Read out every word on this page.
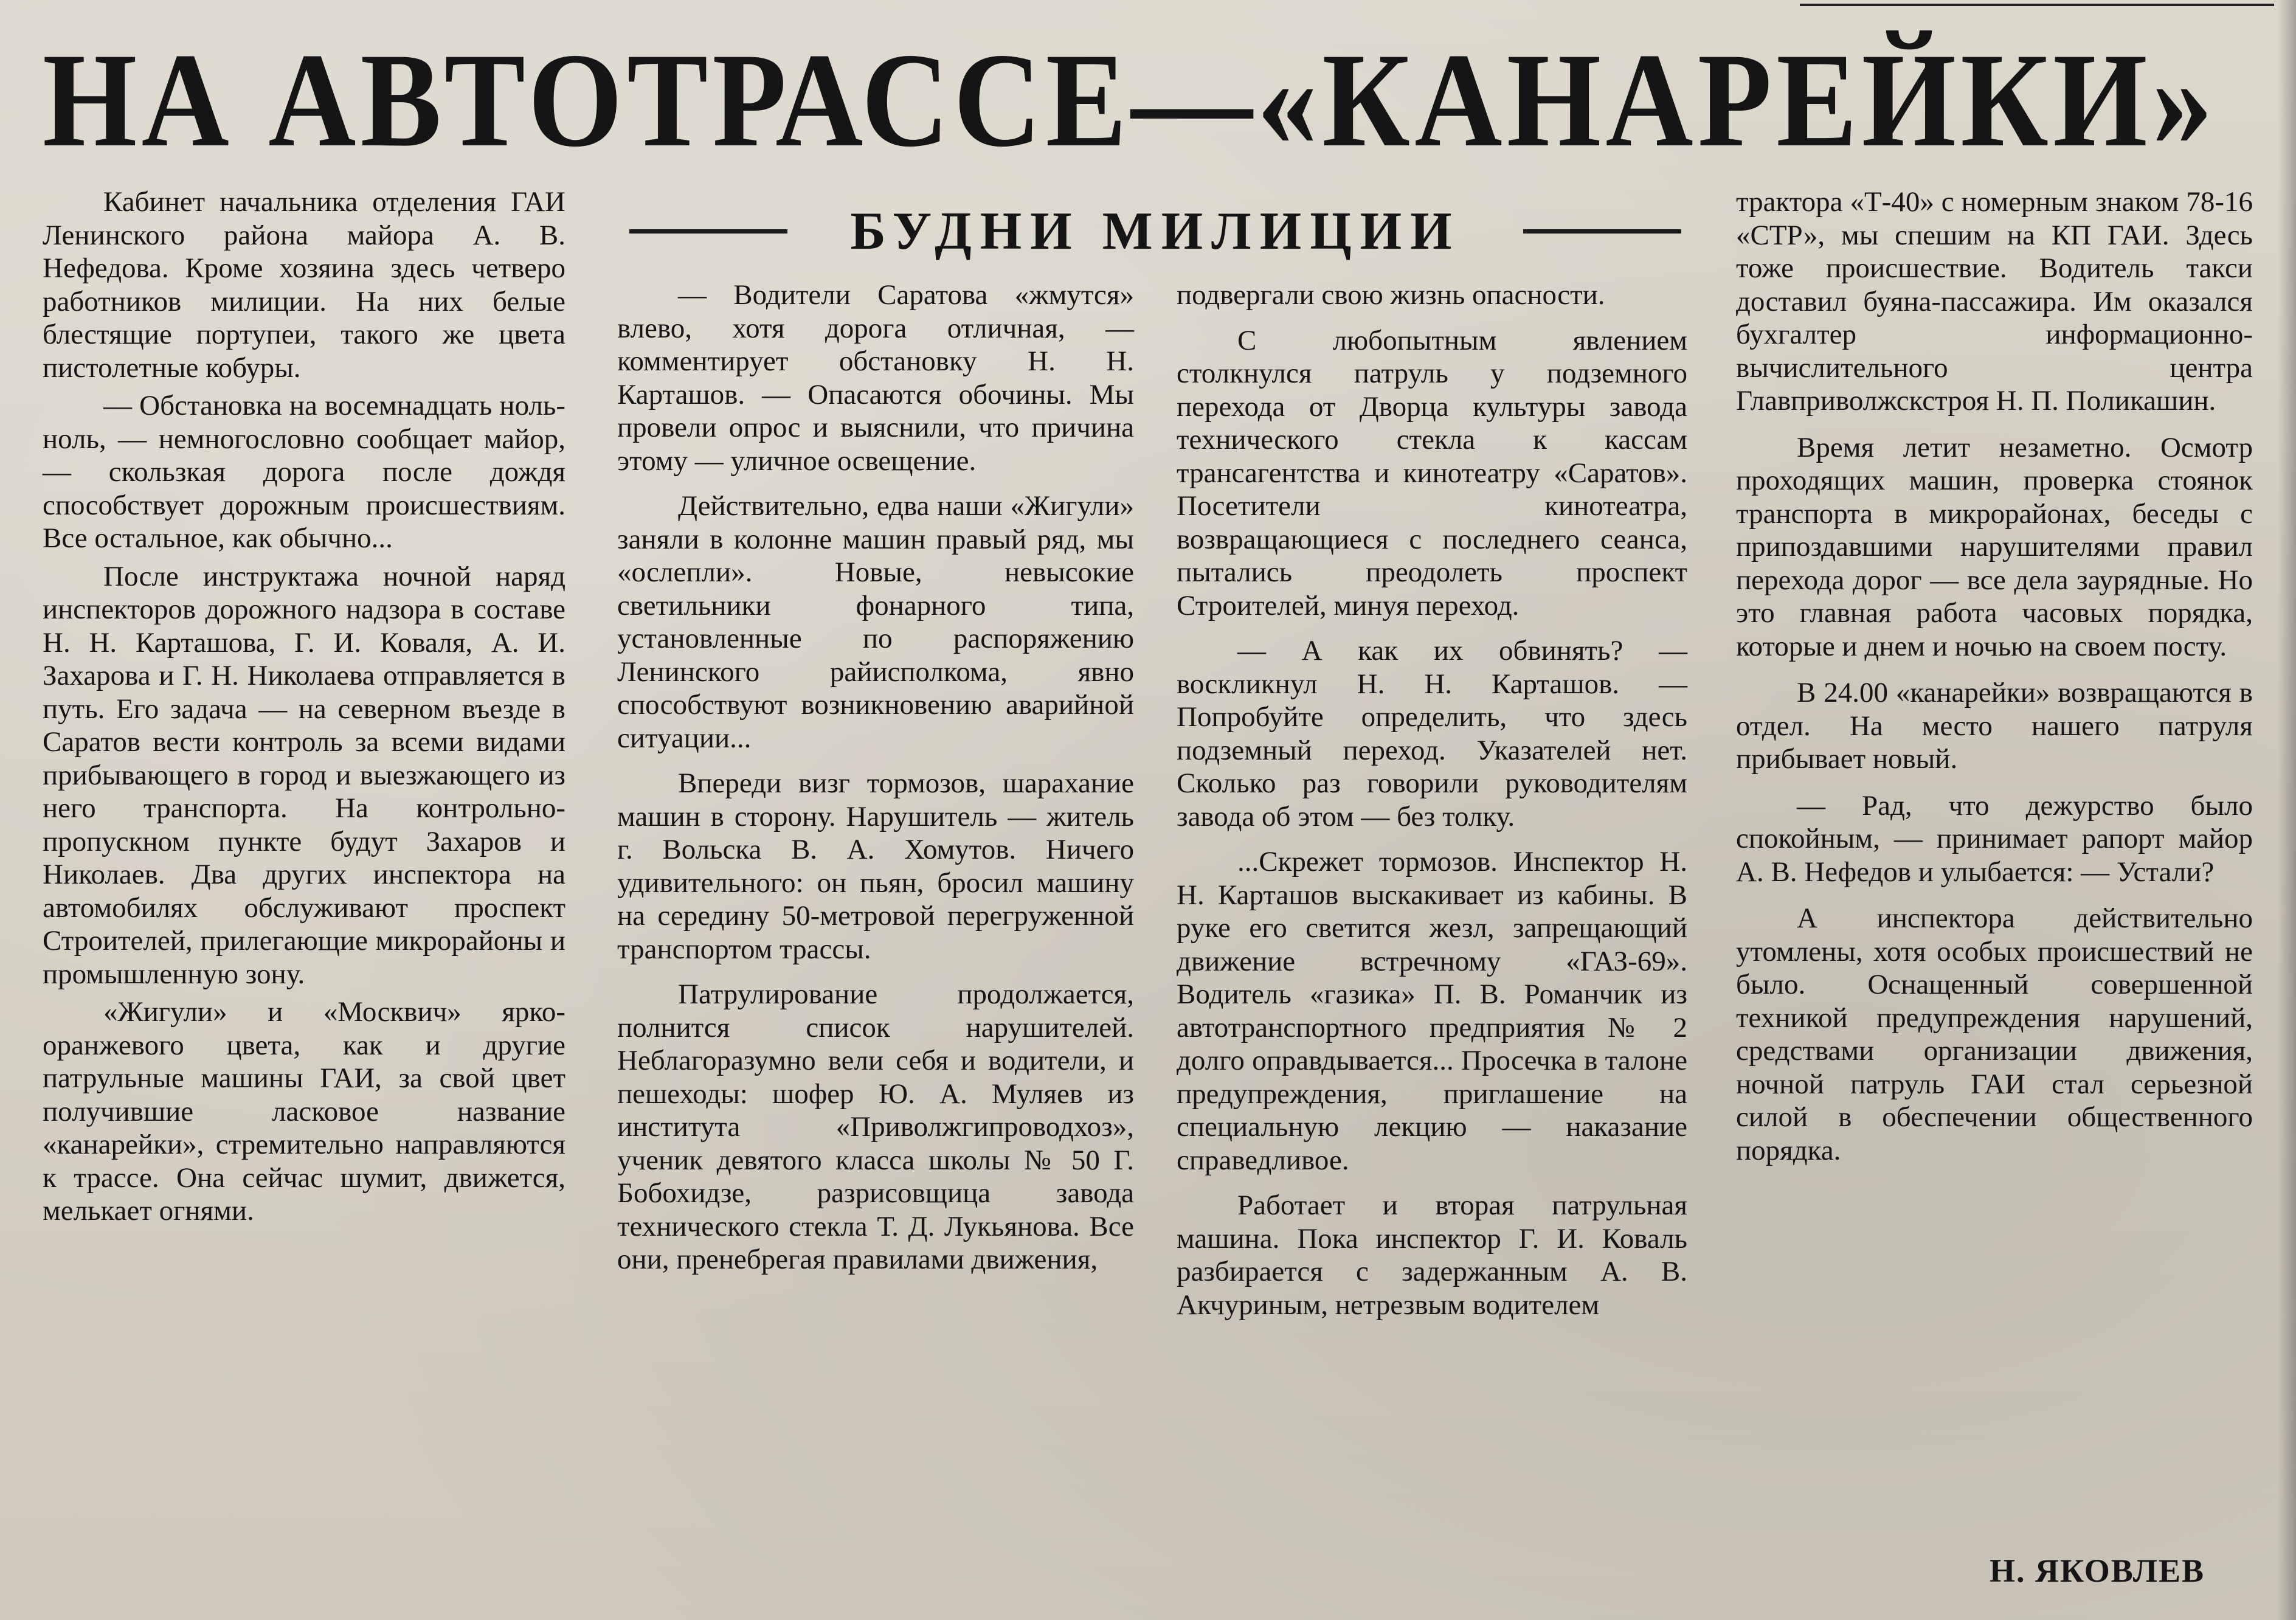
НА АВТОТРАССЕ—«КАНАРЕЙКИ»
БУДНИ МИЛИЦИИ

Кабинет начальника отделения ГАИ Ленинского района майора А. В. Нефедова. Кроме хозяина здесь четверо работников милиции. На них белые блестящие портупеи, такого же цвета пистолетные кобуры.

— Обстановка на восемнадцать ноль-ноль, — немногословно сообщает майор, — скользкая дорога после дождя способствует дорожным происшествиям. Все остальное, как обычно...

После инструктажа ночной наряд инспекторов дорожного надзора в составе Н. Н. Карташова, Г. И. Коваля, А. И. Захарова и Г. Н. Николаева отправляется в путь. Его задача — на северном въезде в Саратов вести контроль за всеми видами прибывающего в город и выезжающего из него транспорта. На контрольно-пропускном пункте будут Захаров и Николаев. Два других инспектора на автомобилях обслуживают проспект Строителей, прилегающие микрорайоны и промышленную зону.

«Жигули» и «Москвич» ярко-оранжевого цвета, как и другие патрульные машины ГАИ, за свой цвет получившие ласковое название «канарейки», стремительно направляются к трассе. Она сейчас шумит, движется, мелькает огнями.

— Водители Саратова «жмутся» влево, хотя дорога отличная, — комментирует обстановку Н. Н. Карташов. — Опасаются обочины. Мы провели опрос и выяснили, что причина этому — уличное освещение.

Действительно, едва наши «Жигули» заняли в колонне машин правый ряд, мы «ослепли». Новые, невысокие светильники фонарного типа, установленные по распоряжению Ленинского райисполкома, явно способствуют возникновению аварийной ситуации...

Впереди визг тормозов, шарахание машин в сторону. Нарушитель — житель г. Вольска В. А. Хомутов. Ничего удивительного: он пьян, бросил машину на середину 50-метровой перегруженной транспортом трассы.

Патрулирование продолжается, полнится список нарушителей. Неблагоразумно вели себя и водители, и пешеходы: шофер Ю. А. Муляев из института «Приволжгипроводхоз», ученик девятого класса школы № 50 Г. Бобохидзе, разрисовщица завода технического стекла Т. Д. Лукьянова. Все они, пренебрегая правилами движения,

подвергали свою жизнь опасности.

С любопытным явлением столкнулся патруль у подземного перехода от Дворца культуры завода технического стекла к кассам трансагентства и кинотеатру «Саратов». Посетители кинотеатра, возвращающиеся с последнего сеанса, пытались преодолеть проспект Строителей, минуя переход.

— А как их обвинять? — воскликнул Н. Н. Карташов. — Попробуйте определить, что здесь подземный переход. Указателей нет. Сколько раз говорили руководителям завода об этом — без толку.

...Скрежет тормозов. Инспектор Н. Н. Карташов выскакивает из кабины. В руке его светится жезл, запрещающий движение встречному «ГАЗ-69». Водитель «газика» П. В. Романчик из автотранспортного предприятия № 2 долго оправдывается... Просечка в талоне предупреждения, приглашение на специальную лекцию — наказание справедливое.

Работает и вторая патрульная машина. Пока инспектор Г. И. Коваль разбирается с задержанным А. В. Акчуриным, нетрезвым водителем

трактора «Т-40» с номерным знаком 78-16 «СТР», мы спешим на КП ГАИ. Здесь тоже происшествие. Водитель такси доставил буяна-пассажира. Им оказался бухгалтер информационно-вычислительного центра Главприволжскстроя Н. П. Поликашин.

Время летит незаметно. Осмотр проходящих машин, проверка стоянок транспорта в микрорайонах, беседы с припоздавшими нарушителями правил перехода дорог — все дела заурядные. Но это главная работа часовых порядка, которые и днем и ночью на своем посту.

В 24.00 «канарейки» возвращаются в отдел. На место нашего патруля прибывает новый.

— Рад, что дежурство было спокойным, — принимает рапорт майор А. В. Нефедов и улыбается: — Устали?

А инспектора действительно утомлены, хотя особых происшествий не было. Оснащенный совершенной техникой предупреждения нарушений, средствами организации движения, ночной патруль ГАИ стал серьезной силой в обеспечении общественного порядка.

Н. ЯКОВЛЕВ
